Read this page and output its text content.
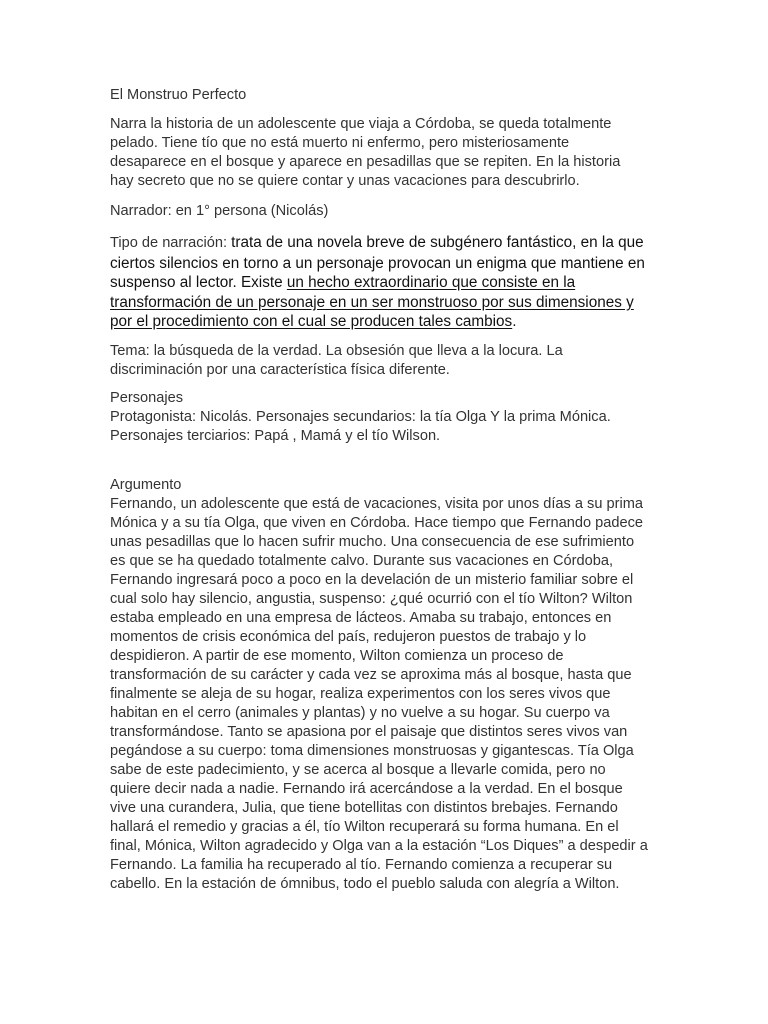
El Monstruo Perfecto

Narra la historia de un adolescente que viaja a Córdoba, se queda totalmente
pelado. Tiene tío que no está muerto ni enfermo, pero misteriosamente
desaparece en el bosque y aparece en pesadillas que se repiten. En la historia
hay secreto que no se quiere contar y unas vacaciones para descubrirlo.

Narrador: en 1° persona (Nicolás)

Tipo de narración: trata de una novela breve de subgénero fantástico, en la que
ciertos silencios en torno a un personaje provocan un enigma que mantiene en
suspenso al lector. Existe un hecho extraordinario que consiste en la
transformación de un personaje en un ser monstruoso por sus dimensiones y
por el procedimiento con el cual se producen tales cambios.
Tema: la búsqueda de la verdad. La obsesión que lleva a la locura. La
discriminación por una característica física diferente.
Personajes
Protagonista: Nicolás. Personajes secundarios: la tía Olga Y la prima Mónica.
Personajes terciarios: Papá , Mamá y el tío Wilson.
Argumento
Fernando, un adolescente que está de vacaciones, visita por unos días a su prima
Mónica y a su tía Olga, que viven en Córdoba. Hace tiempo que Fernando padece
unas pesadillas que lo hacen sufrir mucho. Una consecuencia de ese sufrimiento
es que se ha quedado totalmente calvo. Durante sus vacaciones en Córdoba,
Fernando ingresará poco a poco en la develación de un misterio familiar sobre el
cual solo hay silencio, angustia, suspenso: ¿qué ocurrió con el tío Wilton? Wilton
estaba empleado en una empresa de lácteos. Amaba su trabajo, entonces en
momentos de crisis económica del país, redujeron puestos de trabajo y lo
despidieron. A partir de ese momento, Wilton comienza un proceso de
transformación de su carácter y cada vez se aproxima más al bosque, hasta que
finalmente se aleja de su hogar, realiza experimentos con los seres vivos que
habitan en el cerro (animales y plantas) y no vuelve a su hogar. Su cuerpo va
transformándose. Tanto se apasiona por el paisaje que distintos seres vivos van
pegándose a su cuerpo: toma dimensiones monstruosas y gigantescas. Tía Olga
sabe de este padecimiento, y se acerca al bosque a llevarle comida, pero no
quiere decir nada a nadie. Fernando irá acercándose a la verdad. En el bosque
vive una curandera, Julia, que tiene botellitas con distintos brebajes. Fernando
hallará el remedio y gracias a él, tío Wilton recuperará su forma humana. En el
final, Mónica, Wilton agradecido y Olga van a la estación “Los Diques” a despedir a
Fernando. La familia ha recuperado al tío. Fernando comienza a recuperar su
cabello. En la estación de ómnibus, todo el pueblo saluda con alegría a Wilton.
